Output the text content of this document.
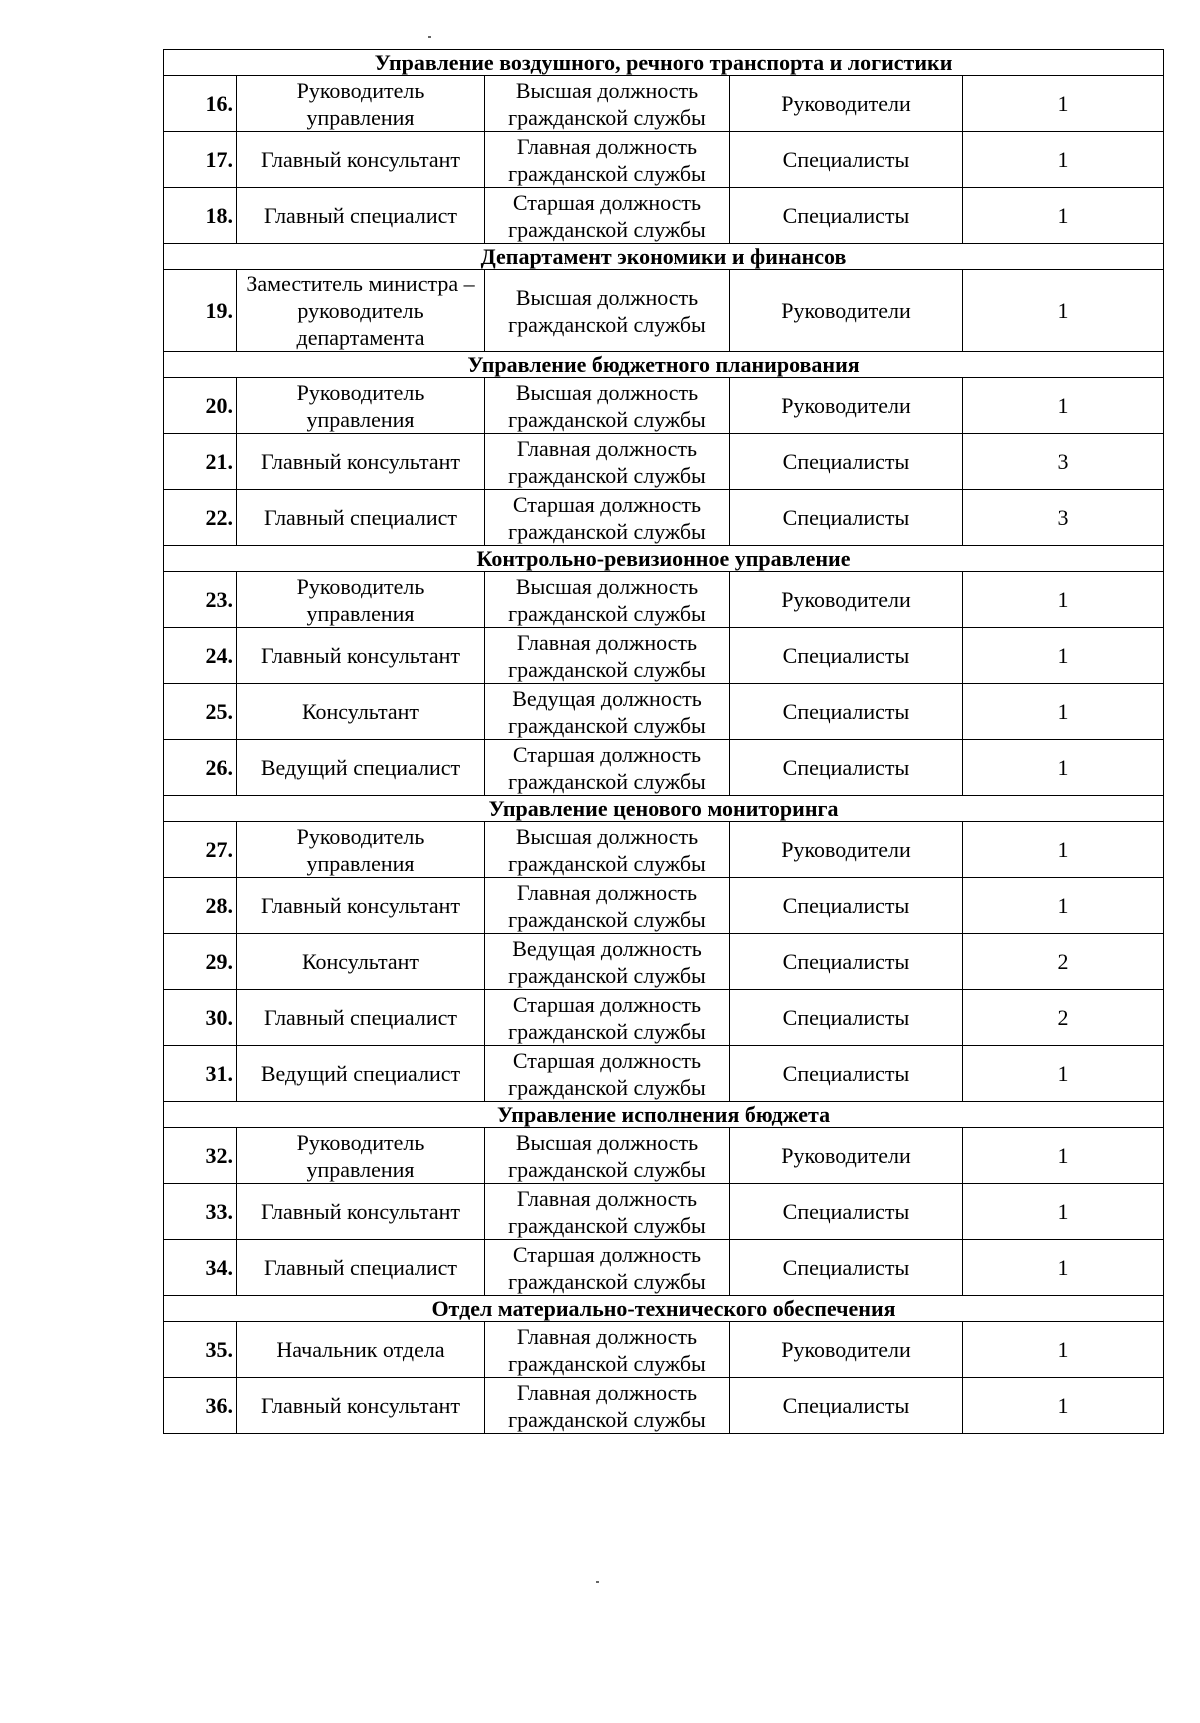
Управление воздушного, речного транспорта и логистики				
16.	Руководитель управления	Высшая должность гражданской службы	Руководители	1
17.	Главный консультант	Главная должность гражданской службы	Специалисты	1
18.	Главный специалист	Старшая должность гражданской службы	Специалисты	1
Департамент экономики и финансов				
19.	Заместитель министра – руководитель департамента	Высшая должность гражданской службы	Руководители	1
Управление бюджетного планирования				
20.	Руководитель управления	Высшая должность гражданской службы	Руководители	1
21.	Главный консультант	Главная должность гражданской службы	Специалисты	3
22.	Главный специалист	Старшая должность гражданской службы	Специалисты	3
Контрольно-ревизионное управление				
23.	Руководитель управления	Высшая должность гражданской службы	Руководители	1
24.	Главный консультант	Главная должность гражданской службы	Специалисты	1
25.	Консультант	Ведущая должность гражданской службы	Специалисты	1
26.	Ведущий специалист	Старшая должность гражданской службы	Специалисты	1
Управление ценового мониторинга				
27.	Руководитель управления	Высшая должность гражданской службы	Руководители	1
28.	Главный консультант	Главная должность гражданской службы	Специалисты	1
29.	Консультант	Ведущая должность гражданской службы	Специалисты	2
30.	Главный специалист	Старшая должность гражданской службы	Специалисты	2
31.	Ведущий специалист	Старшая должность гражданской службы	Специалисты	1
Управление исполнения бюджета				
32.	Руководитель управления	Высшая должность гражданской службы	Руководители	1
33.	Главный консультант	Главная должность гражданской службы	Специалисты	1
34.	Главный специалист	Старшая должность гражданской службы	Специалисты	1
Отдел материально-технического обеспечения				
35.	Начальник отдела	Главная должность гражданской службы	Руководители	1
36.	Главный консультант	Главная должность гражданской службы	Специалисты	1
